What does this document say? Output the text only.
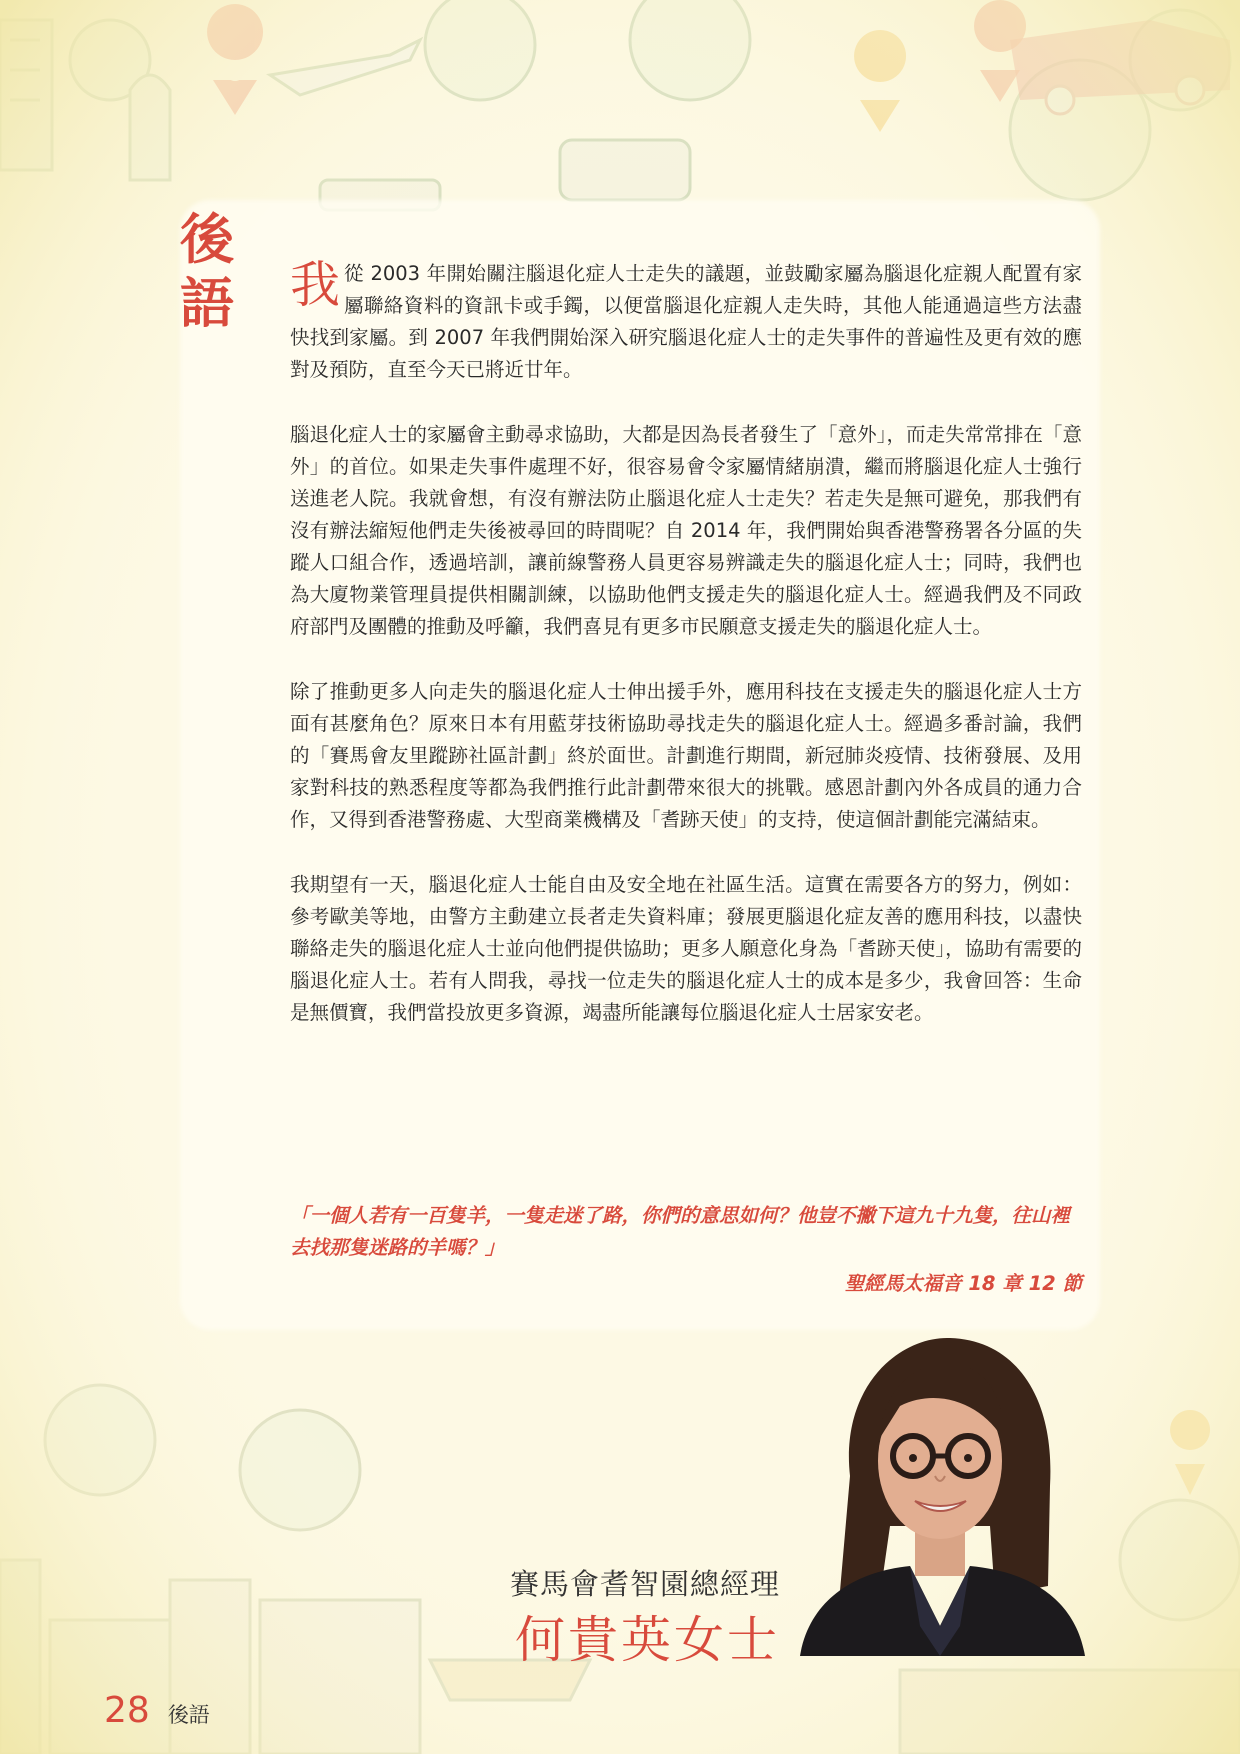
後語 我從 2003 年開始關注腦退化症人士走失的議題，並鼓勵家屬為腦退化症親人配置有家屬聯絡資料的資訊卡或手鐲，以便當腦退化症親人走失時，其他人能通過這些方法盡快找到家屬。到 2007 年我們開始深入研究腦退化症人士的走失事件的普遍性及更有效的應對及預防，直至今天已將近廿年。

腦退化症人士的家屬會主動尋求協助，大都是因為長者發生了「意外」，而走失常常排在「意外」的首位。如果走失事件處理不好，很容易會令家屬情緒崩潰，繼而將腦退化症人士強行送進老人院。我就會想，有沒有辦法防止腦退化症人士走失？若走失是無可避免，那我們有沒有辦法縮短他們走失後被尋回的時間呢？自 2014 年，我們開始與香港警務署各分區的失蹤人口組合作，透過培訓，讓前線警務人員更容易辨識走失的腦退化症人士；同時，我們也為大廈物業管理員提供相關訓練，以協助他們支援走失的腦退化症人士。經過我們及不同政府部門及團體的推動及呼籲，我們喜見有更多市民願意支援走失的腦退化症人士。

除了推動更多人向走失的腦退化症人士伸出援手外，應用科技在支援走失的腦退化症人士方面有甚麼角色？原來日本有用藍芽技術協助尋找走失的腦退化症人士。經過多番討論，我們的「賽馬會友里蹤跡社區計劃」終於面世。計劃進行期間，新冠肺炎疫情、技術發展、及用家對科技的熟悉程度等都為我們推行此計劃帶來很大的挑戰。感恩計劃內外各成員的通力合作，又得到香港警務處、大型商業機構及「耆跡天使」的支持，使這個計劃能完滿結束。

我期望有一天，腦退化症人士能自由及安全地在社區生活。這實在需要各方的努力，例如：參考歐美等地，由警方主動建立長者走失資料庫；發展更腦退化症友善的應用科技，以盡快聯絡走失的腦退化症人士並向他們提供協助；更多人願意化身為「耆跡天使」，協助有需要的腦退化症人士。若有人問我，尋找一位走失的腦退化症人士的成本是多少，我會回答：生命是無價寶，我們當投放更多資源，竭盡所能讓每位腦退化症人士居家安老。

「一個人若有一百隻羊，一隻走迷了路，你們的意思如何？他豈不撇下這九十九隻，往山裡去找那隻迷路的羊嗎？」

聖經馬太福音 18 章 12 節
賽馬會耆智園總經理
何貴英女士
28 後語
